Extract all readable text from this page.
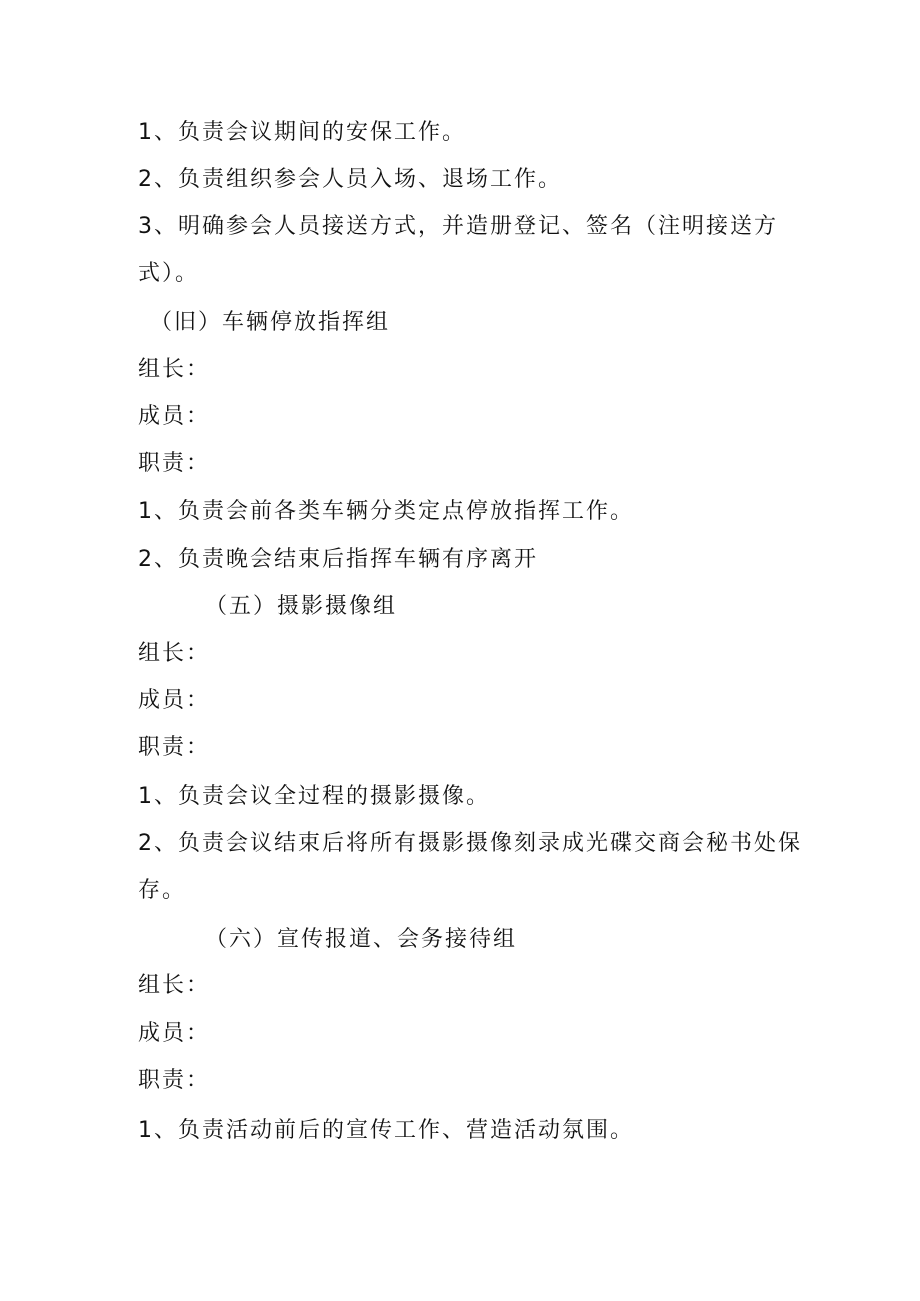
1、负责会议期间的安保工作。
2、负责组织参会人员入场、退场工作。
3、明确参会人员接送方式，并造册登记、签名（注明接送方
式）。
（旧）车辆停放指挥组
组长：
成员：
职责：
1、负责会前各类车辆分类定点停放指挥工作。
2、负责晚会结束后指挥车辆有序离开
（五）摄影摄像组
组长：
成员：
职责：
1、负责会议全过程的摄影摄像。
2、负责会议结束后将所有摄影摄像刻录成光碟交商会秘书处保
存。
（六）宣传报道、会务接待组
组长：
成员：
职责：
1、负责活动前后的宣传工作、营造活动氛围。
